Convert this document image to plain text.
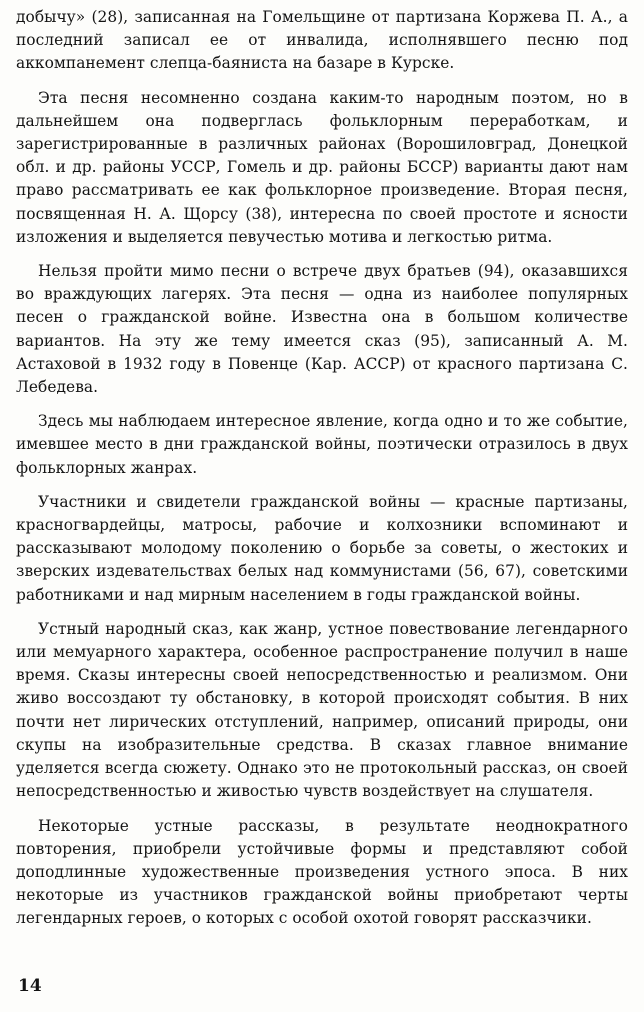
добычу» (28), записанная на Гомельщине от партизана Коржева П. А., а последний записал ее от инвалида, исполнявшего песню под аккомпанемент слепца-баяниста на базаре в Курске.

Эта песня несомненно создана каким-то народным поэтом, но в дальнейшем она подверглась фольклорным переработкам, и зарегистрированные в различных районах (Ворошиловград, Донецкой обл. и др. районы УССР, Гомель и др. районы БССР) варианты дают нам право рассматривать ее как фольклорное произведение. Вторая песня, посвященная Н. А. Щорсу (38), интересна по своей простоте и ясности изложения и выделяется певучестью мотива и легкостью ритма.

Нельзя пройти мимо песни о встрече двух братьев (94), оказавшихся во враждующих лагерях. Эта песня — одна из наиболее популярных песен о гражданской войне. Известна она в большом количестве вариантов. На эту же тему имеется сказ (95), записанный А. М. Астаховой в 1932 году в Повенце (Кар. АССР) от красного партизана С. Лебедева.

Здесь мы наблюдаем интересное явление, когда одно и то же событие, имевшее место в дни гражданской войны, поэтически отразилось в двух фольклорных жанрах.

Участники и свидетели гражданской войны — красные партизаны, красногвардейцы, матросы, рабочие и колхозники вспоминают и рассказывают молодому поколению о борьбе за советы, о жестоких и зверских издевательствах белых над коммунистами (56, 67), советскими работниками и над мирным населением в годы гражданской войны.

Устный народный сказ, как жанр, устное повествование легендарного или мемуарного характера, особенное распространение получил в наше время. Сказы интересны своей непосредственностью и реализмом. Они живо воссоздают ту обстановку, в которой происходят события. В них почти нет лирических отступлений, например, описаний природы, они скупы на изобразительные средства. В сказах главное внимание уделяется всегда сюжету. Однако это не протокольный рассказ, он своей непосредственностью и живостью чувств воздействует на слушателя.

Некоторые устные рассказы, в результате неоднократного повторения, приобрели устойчивые формы и представляют собой доподлинные художественные произведения устного эпоса. В них некоторые из участников гражданской войны приобретают черты легендарных героев, о которых с особой охотой говорят рассказчики.

14
